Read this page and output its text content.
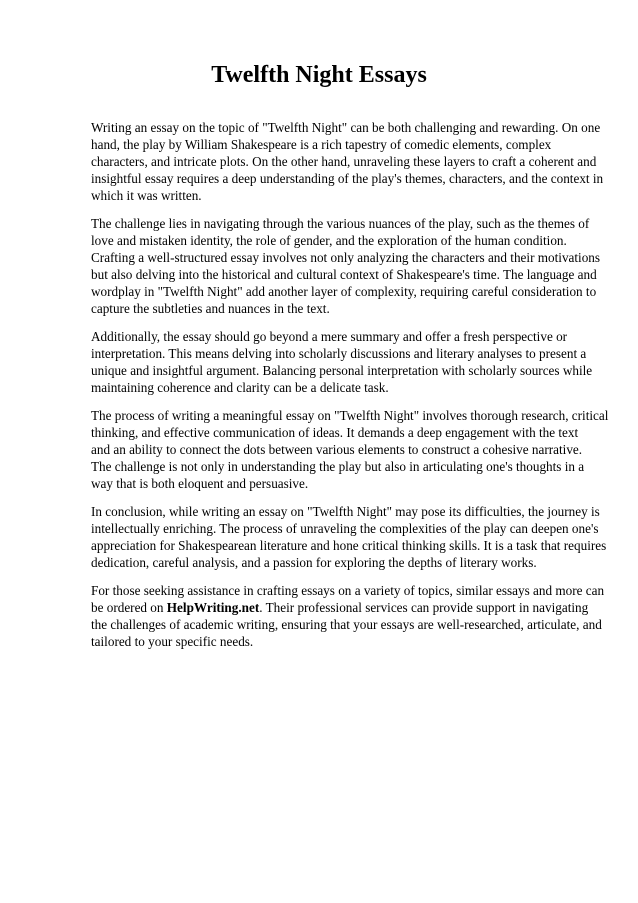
Twelfth Night Essays

Writing an essay on the topic of "Twelfth Night" can be both challenging and rewarding. On one
hand, the play by William Shakespeare is a rich tapestry of comedic elements, complex
characters, and intricate plots. On the other hand, unraveling these layers to craft a coherent and
insightful essay requires a deep understanding of the play's themes, characters, and the context in
which it was written.

The challenge lies in navigating through the various nuances of the play, such as the themes of
love and mistaken identity, the role of gender, and the exploration of the human condition.
Crafting a well-structured essay involves not only analyzing the characters and their motivations
but also delving into the historical and cultural context of Shakespeare's time. The language and
wordplay in "Twelfth Night" add another layer of complexity, requiring careful consideration to
capture the subtleties and nuances in the text.

Additionally, the essay should go beyond a mere summary and offer a fresh perspective or
interpretation. This means delving into scholarly discussions and literary analyses to present a
unique and insightful argument. Balancing personal interpretation with scholarly sources while
maintaining coherence and clarity can be a delicate task.

The process of writing a meaningful essay on "Twelfth Night" involves thorough research, critical
thinking, and effective communication of ideas. It demands a deep engagement with the text
and an ability to connect the dots between various elements to construct a cohesive narrative.
The challenge is not only in understanding the play but also in articulating one's thoughts in a
way that is both eloquent and persuasive.

In conclusion, while writing an essay on "Twelfth Night" may pose its difficulties, the journey is
intellectually enriching. The process of unraveling the complexities of the play can deepen one's
appreciation for Shakespearean literature and hone critical thinking skills. It is a task that requires
dedication, careful analysis, and a passion for exploring the depths of literary works.

For those seeking assistance in crafting essays on a variety of topics, similar essays and more can
be ordered on HelpWriting.net. Their professional services can provide support in navigating
the challenges of academic writing, ensuring that your essays are well-researched, articulate, and
tailored to your specific needs.
